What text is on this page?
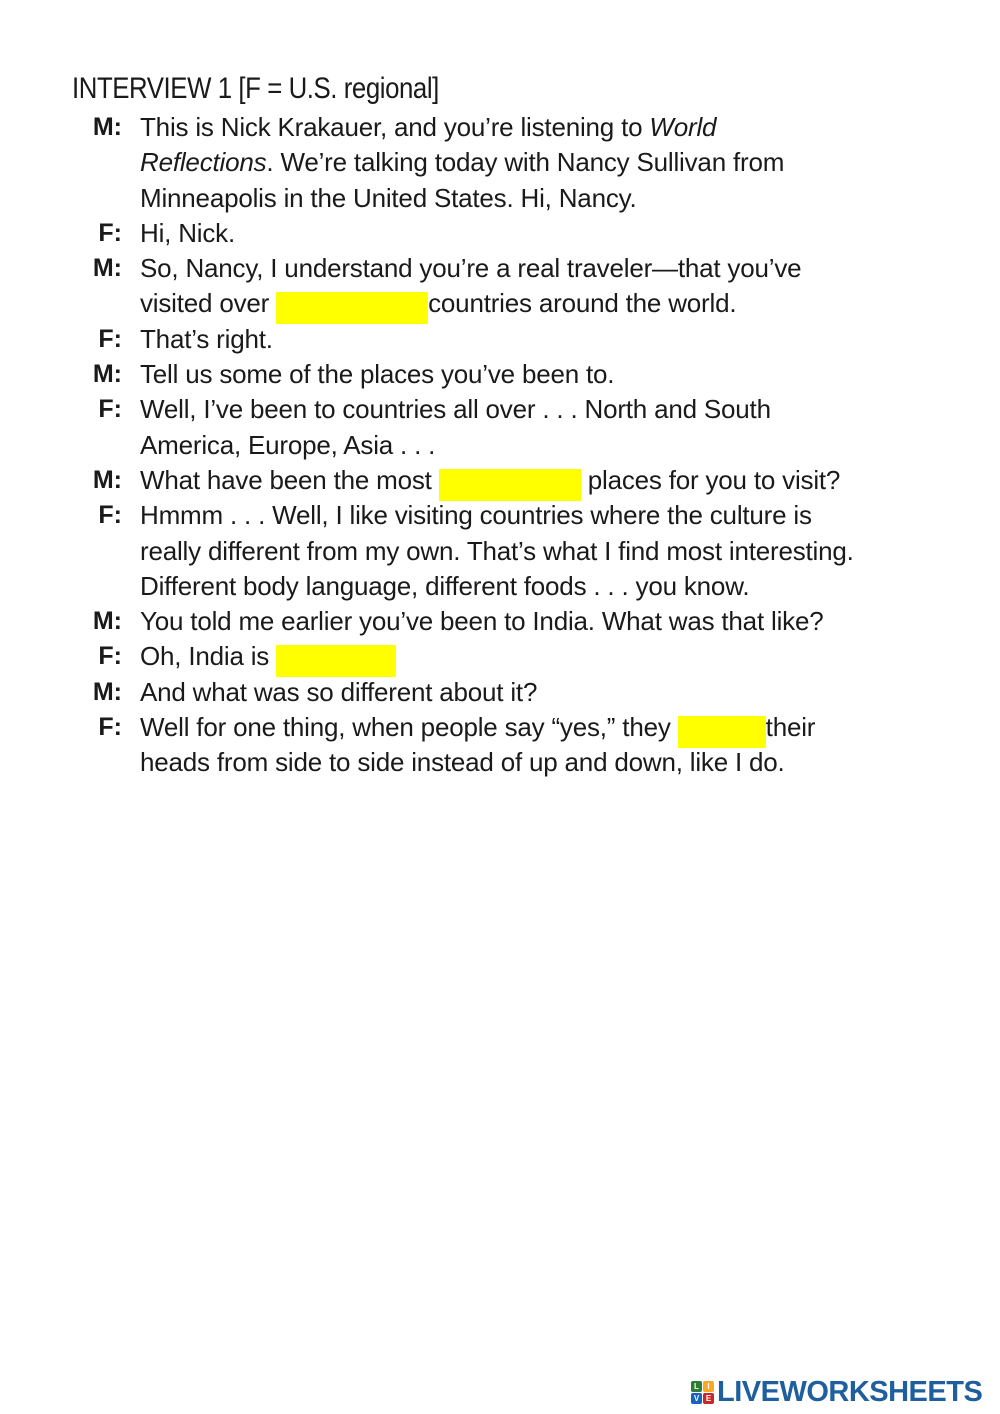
INTERVIEW 1 [F = U.S. regional]
M: This is Nick Krakauer, and you’re listening to World
Reflections. We’re talking today with Nancy Sullivan from
Minneapolis in the United States. Hi, Nancy.
F: Hi, Nick.
M: So, Nancy, I understand you’re a real traveler—that you’ve
visited over	countries around the world.
F: That’s right.
M: Tell us some of the places you’ve been to.
F: Well, I’ve been to countries all over . . . North and South
America, Europe, Asia . . .
M: What have been the most	places for you to visit?
F: Hmmm . . . Well, I like visiting countries where the culture is
really different from my own. That’s what I find most interesting.
Different body language, different foods . . . you know.
M: You told me earlier you’ve been to India. What was that like?
F: Oh, India is
M: And what was so different about it?
F: Well for one thing, when people say “yes,” they	their
heads from side to side instead of up and down, like I do.
L	I
V E LIVEWORKSHEETS
